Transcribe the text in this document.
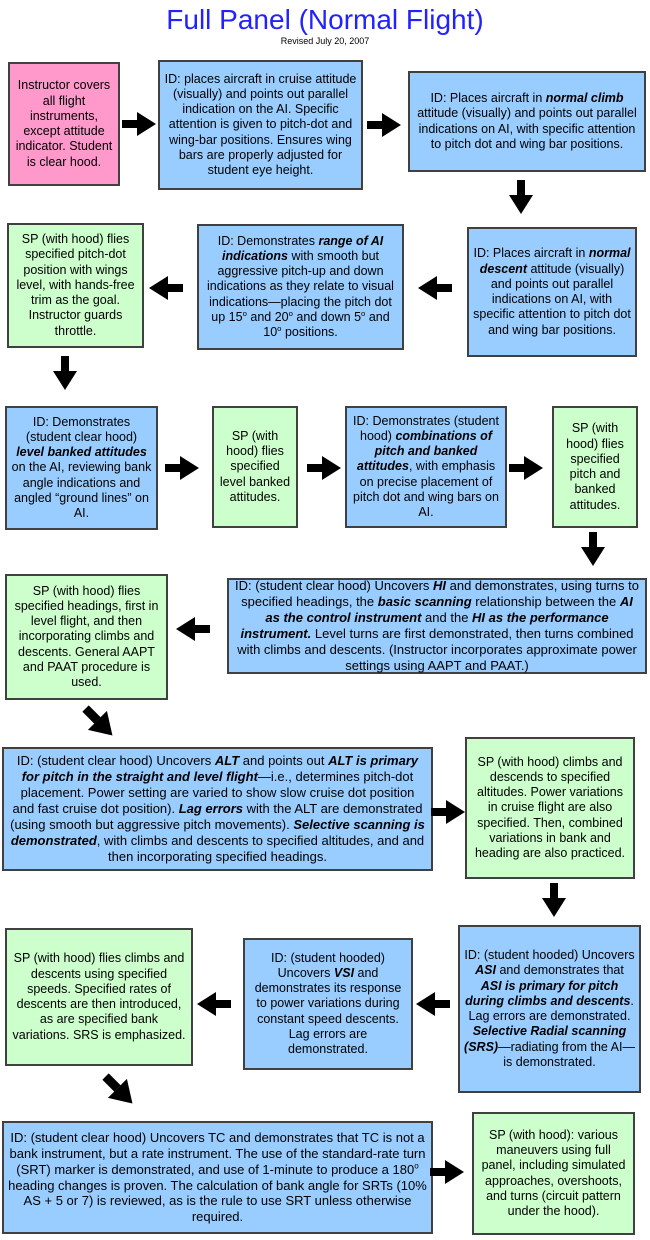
Full Panel (Normal Flight)
Revised July 20, 2007
Instructor covers all flight instruments, except attitude indicator. Student is clear hood.
ID: places aircraft in cruise attitude (visually) and points out parallel indication on the AI. Specific attention is given to pitch-dot and wing-bar positions. Ensures wing bars are properly adjusted for student eye height.
ID: Places aircraft in normal climb attitude (visually) and points out parallel indications on AI, with specific attention to pitch dot and wing bar positions.
SP (with hood) flies specified pitch-dot position with wings level, with hands-free trim as the goal. Instructor guards throttle.
ID: Demonstrates range of AI indications with smooth but aggressive pitch-up and down indications as they relate to visual indications—placing the pitch dot up 15$^o$ and 20$^o$ and down 5$^o$ and 10$^o$ positions.
ID: Places aircraft in normal descent attitude (visually) and points out parallel indications on AI, with specific attention to pitch dot and wing bar positions.
ID: Demonstrates (student clear hood) level banked attitudes on the AI, reviewing bank angle indications and angled “ground lines” on AI.
SP (with hood) flies specified level banked attitudes.
ID: Demonstrates (student hood) combinations of pitch and banked attitudes, with emphasis on precise placement of pitch dot and wing bars on AI.
SP (with hood) flies specified pitch and banked attitudes.
SP (with hood) flies specified headings, first in level flight, and then incorporating climbs and descents. General AAPT and PAAT procedure is used.
ID: (student clear hood) Uncovers HI and demonstrates, using turns to specified headings, the basic scanning relationship between the AI as the control instrument and the HI as the performance instrument. Level turns are first demonstrated, then turns combined with climbs and descents. (Instructor incorporates approximate power settings using AAPT and PAAT.)
ID: (student clear hood) Uncovers ALT and points out ALT is primary for pitch in the straight and level flight—i.e., determines pitch-dot placement. Power setting are varied to show slow cruise dot position and fast cruise dot position). Lag errors with the ALT are demonstrated (using smooth but aggressive pitch movements). Selective scanning is demonstrated, with climbs and descents to specified altitudes, and and then incorporating specified headings.
SP (with hood) climbs and descends to specified altitudes. Power variations in cruise flight are also specified. Then, combined variations in bank and heading are also practiced.
SP (with hood) flies climbs and descents using specified speeds. Specified rates of descents are then introduced, as are specified bank variations. SRS is emphasized.
ID: (student hooded) Uncovers VSI and demonstrates its response to power variations during constant speed descents. Lag errors are demonstrated.
ID: (student hooded) Uncovers ASI and demonstrates that ASI is primary for pitch during climbs and descents. Lag errors are demonstrated. Selective Radial scanning (SRS)—radiating from the AI—is demonstrated.
ID: (student clear hood) Uncovers TC and demonstrates that TC is not a bank instrument, but a rate instrument. The use of the standard-rate turn (SRT) marker is demonstrated, and use of 1-minute to produce a 180$^o$ heading changes is proven. The calculation of bank angle for SRTs (10% AS + 5 or 7) is reviewed, as is the rule to use SRT unless otherwise required.
SP (with hood): various maneuvers using full panel, including simulated approaches, overshoots, and turns (circuit pattern under the hood).
